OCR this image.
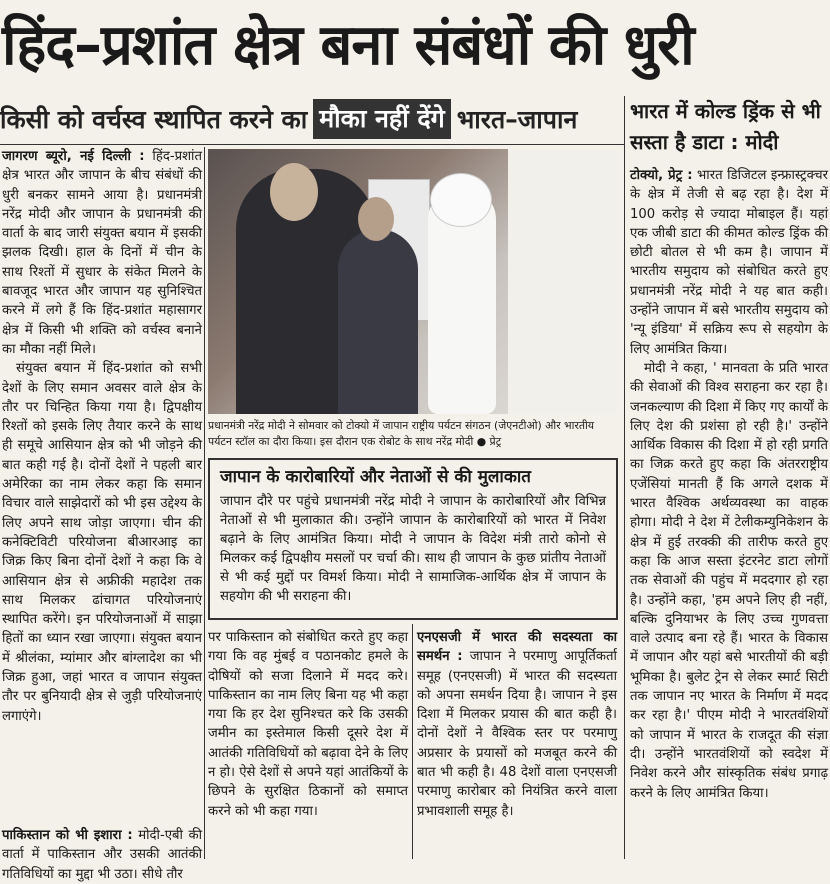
हिंद–प्रशांत क्षेत्र बना संबंधों की धुरी
किसी को वर्चस्व स्थापित करने का मौका नहीं देंगे भारत–जापान

जागरण ब्यूरो, नई दिल्ली : हिंद-प्रशांत क्षेत्र भारत और जापान के बीच संबंधों की धुरी बनकर सामने आया है। प्रधानमंत्री नरेंद्र मोदी और जापान के प्रधानमंत्री की वार्ता के बाद जारी संयुक्त बयान में इसकी झलक दिखी। हाल के दिनों में चीन के साथ रिश्तों में सुधार के संकेत मिलने के बावजूद भारत और जापान यह सुनिश्चित करने में लगे हैं कि हिंद-प्रशांत महासागर क्षेत्र में किसी भी शक्ति को वर्चस्व बनाने का मौका नहीं मिले।

संयुक्त बयान में हिंद-प्रशांत को सभी देशों के लिए समान अवसर वाले क्षेत्र के तौर पर चिन्हित किया गया है। द्विपक्षीय रिश्तों को इसके लिए तैयार करने के साथ ही समूचे आसियान क्षेत्र को भी जोड़ने की बात कही गई है। दोनों देशों ने पहली बार अमेरिका का नाम लेकर कहा कि समान विचार वाले साझेदारों को भी इस उद्देश्य के लिए अपने साथ जोड़ा जाएगा। चीन की कनेक्टिविटी परियोजना बीआरआइ का जिक्र किए बिना दोनों देशों ने कहा कि वे आसियान क्षेत्र से अफ्रीकी महादेश तक साथ मिलकर ढांचागत परियोजनाएं स्थापित करेंगे। इन परियोजनाओं में साझा हितों का ध्यान रखा जाएगा। संयुक्त बयान में श्रीलंका, म्यांमार और बांग्लादेश का भी जिक्र हुआ, जहां भारत व जापान संयुक्त तौर पर बुनियादी क्षेत्र से जुड़ी परियोजनाएं लगाएंगे।

पाकिस्तान को भी इशारा : मोदी-एबी की वार्ता में पाकिस्तान और उसकी आतंकी गतिविधियों का मुद्दा भी उठा। सीधे तौर

प्रधानमंत्री नरेंद्र मोदी ने सोमवार को टोक्यो में जापान राष्ट्रीय पर्यटन संगठन (जेएनटीओ) और भारतीय पर्यटन स्टॉल का दौरा किया। इस दौरान एक रोबोट के साथ नरेंद्र मोदी ● प्रेट्र
जापान के कारोबारियों और नेताओं से की मुलाकात

जापान दौरे पर पहुंचे प्रधानमंत्री नरेंद्र मोदी ने जापान के कारोबारियों और विभिन्न नेताओं से भी मुलाकात की। उन्होंने जापान के कारोबारियों को भारत में निवेश बढ़ाने के लिए आमंत्रित किया। मोदी ने जापान के विदेश मंत्री तारो कोनो से मिलकर कई द्विपक्षीय मसलों पर चर्चा की। साथ ही जापान के कुछ प्रांतीय नेताओं से भी कई मुद्दों पर विमर्श किया। मोदी ने सामाजिक-आर्थिक क्षेत्र में जापान के सहयोग की भी सराहना की।

पर पाकिस्तान को संबोधित करते हुए कहा गया कि वह मुंबई व पठानकोट हमले के दोषियों को सजा दिलाने में मदद करे। पाकिस्तान का नाम लिए बिना यह भी कहा गया कि हर देश सुनिश्चत करे कि उसकी जमीन का इस्तेमाल किसी दूसरे देश में आतंकी गतिविधियों को बढ़ावा देने के लिए न हो। ऐसे देशों से अपने यहां आतंकियों के छिपने के सुरक्षित ठिकानों को समाप्त करने को भी कहा गया।

एनएसजी में भारत की सदस्यता का समर्थन : जापान ने परमाणु आपूर्तिकर्ता समूह (एनएसजी) में भारत की सदस्यता को अपना समर्थन दिया है। जापान ने इस दिशा में मिलकर प्रयास की बात कही है। दोनों देशों ने वैश्विक स्तर पर परमाणु अप्रसार के प्रयासों को मजबूत करने की बात भी कही है। 48 देशों वाला एनएसजी परमाणु कारोबार को नियंत्रित करने वाला प्रभावशाली समूह है।

भारत में कोल्ड ड्रिंक से भी सस्ता है डाटा : मोदी

टोक्यो, प्रेट्र : भारत डिजिटल इन्फ्रास्ट्रक्चर के क्षेत्र में तेजी से बढ़ रहा है। देश में 100 करोड़ से ज्यादा मोबाइल हैं। यहां एक जीबी डाटा की कीमत कोल्ड ड्रिंक की छोटी बोतल से भी कम है। जापान में भारतीय समुदाय को संबोधित करते हुए प्रधानमंत्री नरेंद्र मोदी ने यह बात कही। उन्होंने जापान में बसे भारतीय समुदाय को 'न्यू इंडिया' में सक्रिय रूप से सहयोग के लिए आमंत्रित किया।

मोदी ने कहा, ' मानवता के प्रति भारत की सेवाओं की विश्व सराहना कर रहा है। जनकल्याण की दिशा में किए गए कार्यों के लिए देश की प्रशंसा हो रही है।' उन्होंने आर्थिक विकास की दिशा में हो रही प्रगति का जिक्र करते हुए कहा कि अंतरराष्ट्रीय एजेंसियां मानती हैं कि अगले दशक में भारत वैश्विक अर्थव्यवस्था का वाहक होगा। मोदी ने देश में टेलीकम्युनिकेशन के क्षेत्र में हुई तरक्की की तारीफ करते हुए कहा कि आज सस्ता इंटरनेट डाटा लोगों तक सेवाओं की पहुंच में मददगार हो रहा है। उन्होंने कहा, 'हम अपने लिए ही नहीं, बल्कि दुनियाभर के लिए उच्च गुणवत्ता वाले उत्पाद बना रहे हैं। भारत के विकास में जापान और यहां बसे भारतीयों की बड़ी भूमिका है। बुलेट ट्रेन से लेकर स्मार्ट सिटी तक जापान नए भारत के निर्माण में मदद कर रहा है।' पीएम मोदी ने भारतवंशियों को जापान में भारत के राजदूत की संज्ञा दी। उन्होंने भारतवंशियों को स्वदेश में निवेश करने और सांस्कृतिक संबंध प्रगाढ़ करने के लिए आमंत्रित किया।
